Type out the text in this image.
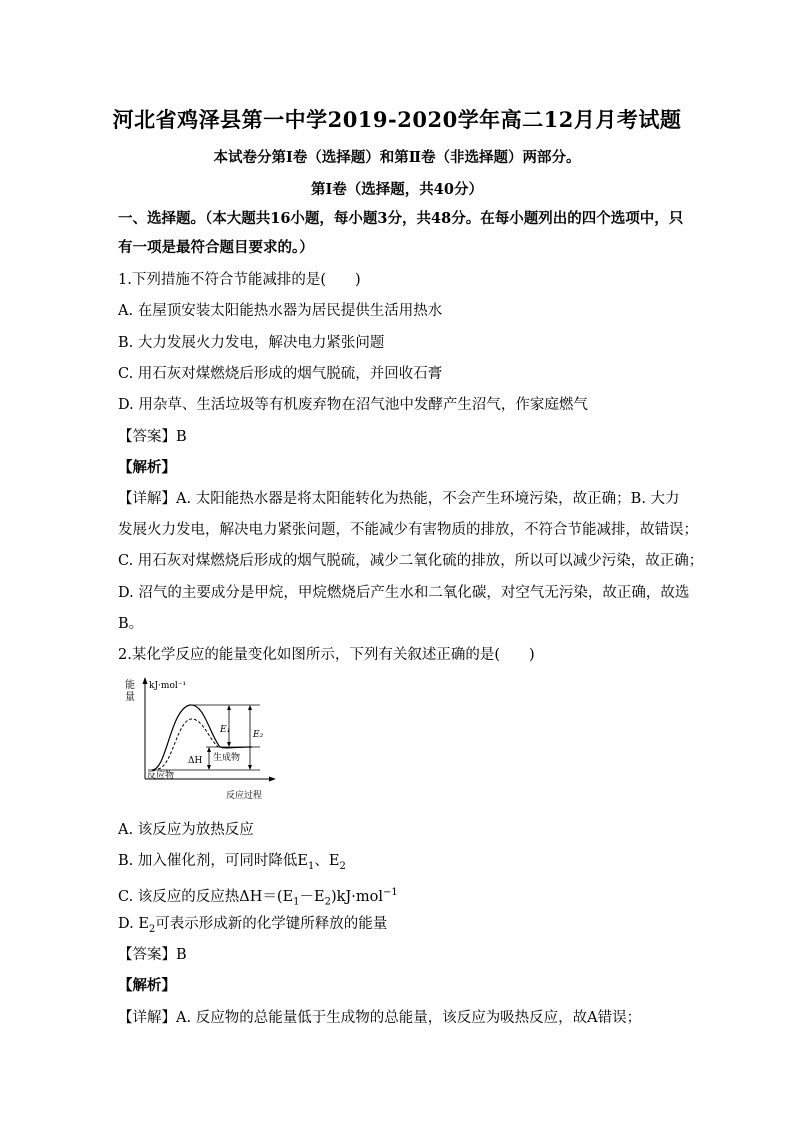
河北省鸡泽县第一中学2019-2020学年高二12月月考试题
本试卷分第Ⅰ卷（选择题）和第Ⅱ卷（非选择题）两部分。
第Ⅰ卷（选择题，共40分）
一、选择题。（本大题共16小题，每小题3分，共48分。在每小题列出的四个选项中，只
有一项是最符合题目要求的。）
1.下列措施不符合节能减排的是(　　)
A. 在屋顶安装太阳能热水器为居民提供生活用热水
B. 大力发展火力发电，解决电力紧张问题
C. 用石灰对煤燃烧后形成的烟气脱硫，并回收石膏
D. 用杂草、生活垃圾等有机废弃物在沼气池中发酵产生沼气，作家庭燃气
【答案】B
【解析】
【详解】A. 太阳能热水器是将太阳能转化为热能，不会产生环境污染，故正确；B. 大力
发展火力发电，解决电力紧张问题，不能减少有害物质的排放，不符合节能减排，故错误；
C. 用石灰对煤燃烧后形成的烟气脱硫，减少二氧化硫的排放，所以可以减少污染，故正确；
D. 沼气的主要成分是甲烷，甲烷燃烧后产生水和二氧化碳，对空气无污染，故正确，故选
B。
2.某化学反应的能量变化如图所示，下列有关叙述正确的是(　　)
能
量
kJ·mol⁻¹
E₁	E₂
ΔH 生成物
反应物
反应过程
A. 该反应为放热反应
B. 加入催化剂，可同时降低$E_1$、$E_2$
C. 该反应的反应热$\Delta H=(E_1-E_2)kJ\cdot mol^{-1}$
D. $E_2$可表示形成新的化学键所释放的能量
【答案】B
【解析】
【详解】A. 反应物的总能量低于生成物的总能量，该反应为吸热反应，故A错误；
